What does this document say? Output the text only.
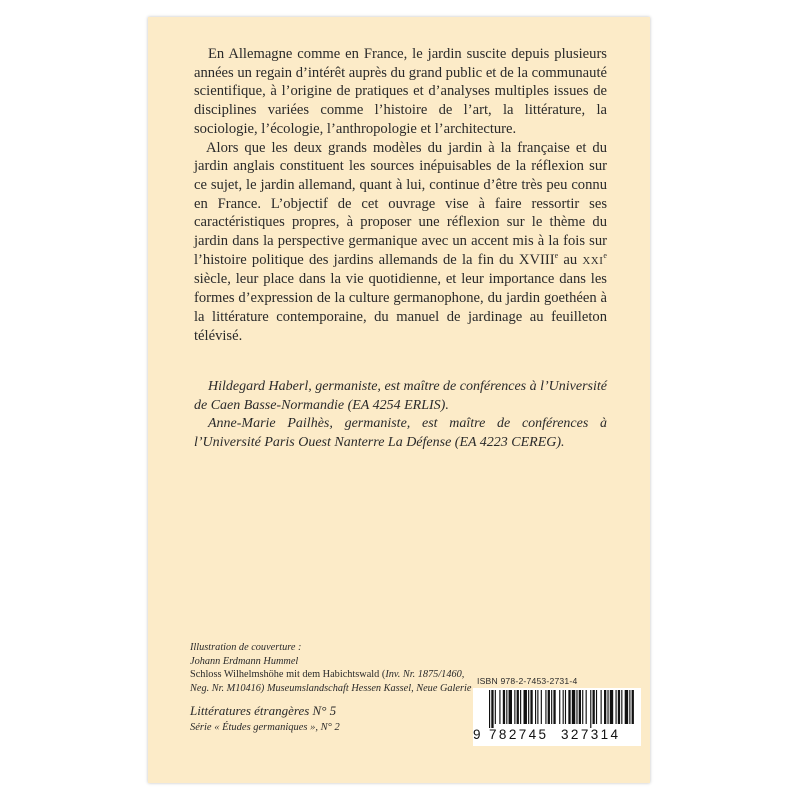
En Allemagne comme en France, le jardin suscite depuis plusieurs années un regain d’intérêt auprès du grand public et de la communauté scientifique, à l’origine de pratiques et d’analyses multiples issues de disciplines variées comme l’histoire de l’art, la littérature, la sociologie, l’écologie, l’anthropologie et l’architecture.

Alors que les deux grands modèles du jardin à la française et du jardin anglais constituent les sources inépuisables de la réflexion sur ce sujet, le jardin allemand, quant à lui, continue d’être très peu connu en France. L’objectif de cet ouvrage vise à faire ressortir ses caractéristiques propres, à proposer une réflexion sur le thème du jardin dans la perspective germanique avec un accent mis à la fois sur l’histoire politique des jardins allemands de la fin du XVIIIe au XXIe siècle, leur place dans la vie quotidienne, et leur importance dans les formes d’expression de la culture germanophone, du jardin goethéen à la littérature contemporaine, du manuel de jardinage au feuilleton télévisé.

Hildegard Haberl, germaniste, est maître de conférences à l’Université de Caen Basse-Normandie (EA 4254 ERLIS).

Anne-Marie Pailhès, germaniste, est maître de conférences à l’Université Paris Ouest Nanterre La Défense (EA 4223 CEREG).

Illustration de couverture :
Johann Erdmann Hummel
Schloss Wilhelmshöhe mit dem Habichtswald (Inv. Nr. 1875/1460,
Neg. Nr. M10416) Museumslandschaft Hessen Kassel, Neue Galerie
Littératures étrangères N° 5
Série « Études germaniques », N° 2
ISBN 978-2-7453-2731-4
9 782745 327314
